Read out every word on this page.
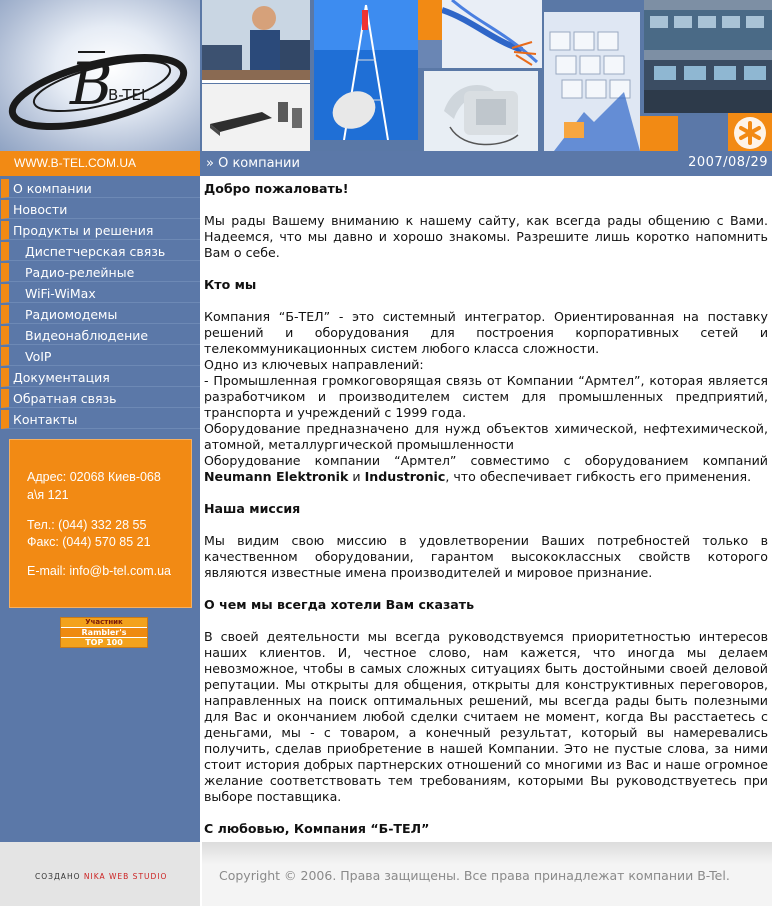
B
B-TEL
WWW.B-TEL.COM.UA	» О компании	2007/08/29
О компании
Новости
Продукты и решения
Диспетчерская связь
Радио-релейные
WiFi-WiMax
Радиомодемы
Видеонаблюдение
VoIP
Документация
Обратная связь
Контакты

Адрес: 02068 Киев-068

а\я 121

Тел.: (044) 332 28 55

Факс: (044) 570 85 21

E-mail: info@b-tel.com.ua

Участник
Rambler's
TOP 100
Добро пожаловать!

Мы рады Вашему вниманию к нашему сайту, как всегда рады общению с Вами. Надеемся, что мы давно и хорошо знакомы. Разрешите лишь коротко напомнить Вам о себе.

Кто мы

Компания “Б-ТЕЛ” - это системный интегратор. Ориентированная на поставку решений и оборудования для построения корпоративных сетей и телекоммуникационных систем любого класса сложности.

Одно из ключевых направлений:

- Промышленная громкоговорящая связь от Компании “Армтел”, которая является разработчиком и производителем систем для промышленных предприятий, транспорта и учреждений с 1999 года.

Оборудование предназначено для нужд объектов химической, нефтехимической, атомной, металлургической промышленности

Оборудование компании “Армтел” совместимо с оборудованием компаний Neumann Elektronik и Industronic, что обеспечивает гибкость его применения.

Наша миссия

Мы видим свою миссию в удовлетворении Ваших потребностей только в качественном оборудовании, гарантом высококлассных свойств которого являются известные имена производителей и мировое признание.

О чем мы всегда хотели Вам сказать

В своей деятельности мы всегда руководствуемся приоритетностью интересов наших клиентов. И, честное слово, нам кажется, что иногда мы делаем невозможное, чтобы в самых сложных ситуациях быть достойными своей деловой репутации. Мы открыты для общения, открыты для конструктивных переговоров, направленных на поиск оптимальных решений, мы всегда рады быть полезными для Вас и окончанием любой сделки считаем не момент, когда Вы расстаетесь с деньгами, мы - с товаром, а конечный результат, который вы намеревались получить, сделав приобретение в нашей Компании. Это не пустые слова, за ними стоит история добрых партнерских отношений со многими из Вас и наше огромное желание соответствовать тем требованиям, которыми Вы руководствуетесь при выборе поставщика.

С любовью, Компания “Б-ТЕЛ”
СОЗДАНО NIKA WEB STUDIO	Copyright © 2006. Права защищены. Все права принадлежат компании B-Tel.
